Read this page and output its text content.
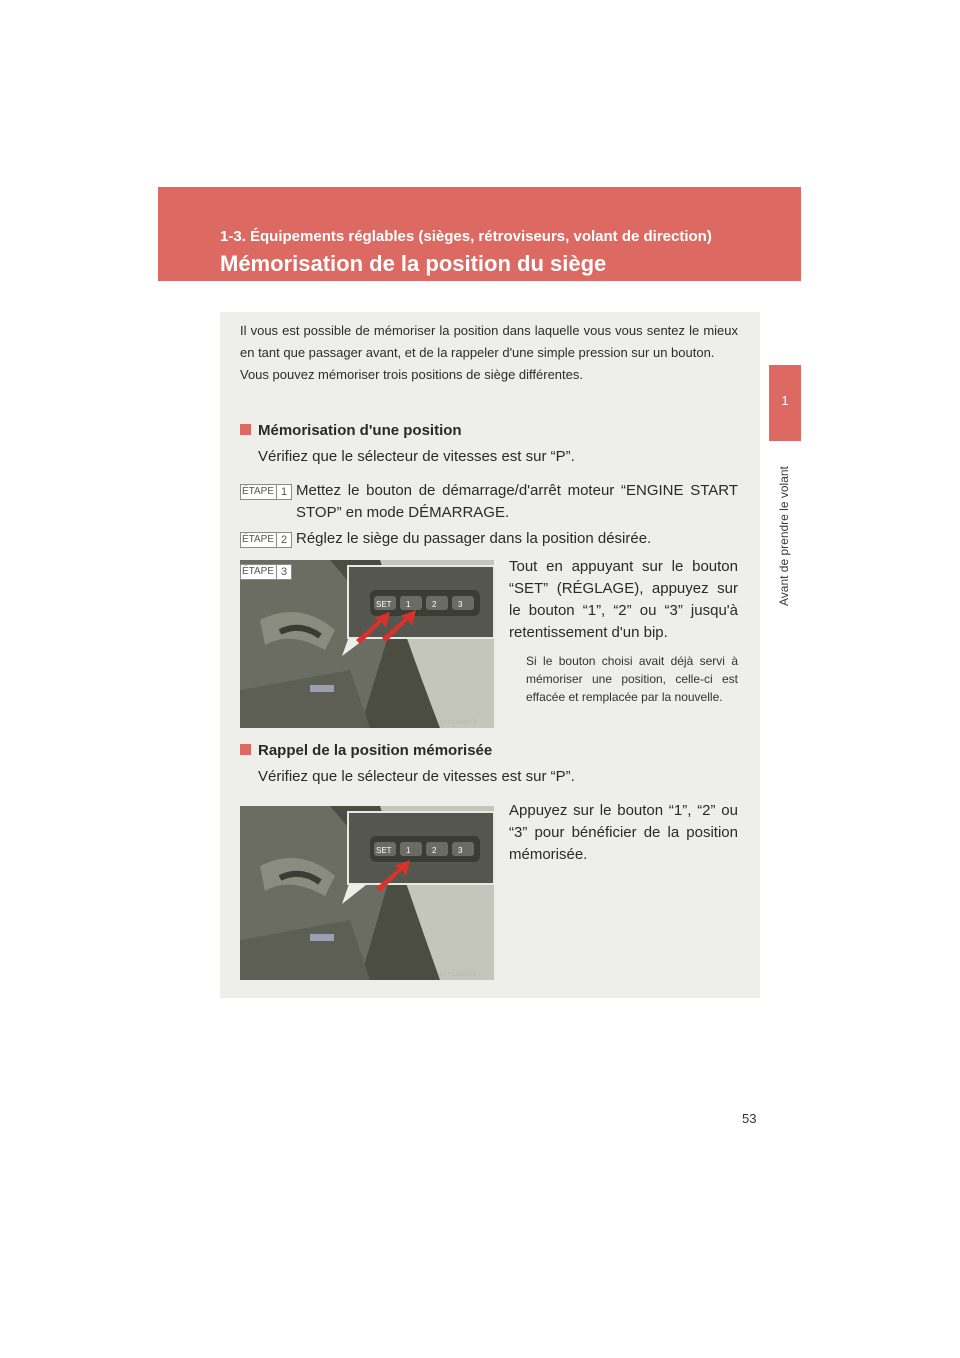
1-3. Équipements réglables (sièges, rétroviseurs, volant de direction)
Mémorisation de la position du siège
1
Avant de prendre le volant

Il vous est possible de mémoriser la position dans laquelle vous vous sentez le mieux en tant que passager avant, et de la rappeler d'une simple pression sur un bouton.

Vous pouvez mémoriser trois positions de siège différentes.

Mémorisation d'une position
Vérifiez que le sélecteur de vitesses est sur “P”.
ÉTAPE 1 Mettez le bouton de démarrage/d'arrêt moteur “ENGINE START STOP” en mode DÉMARRAGE.
ÉTAPE 2 Réglez le siège du passager dans la position désirée.
SET 1	2	3
CLY13AB073
ÉTAPE 3	Tout en appuyant sur le bouton “SET” (RÉGLAGE), appuyez sur le bouton “1”, “2” ou “3” jusqu'à retentissement d'un bip.
Si le bouton choisi avait déjà servi à mémoriser une position, celle-ci est effacée et remplacée par la nouvelle.
Rappel de la position mémorisée
Vérifiez que le sélecteur de vitesses est sur “P”.
SET 1	2	3
CLY13AB074
Appuyez sur le bouton “1”, “2” ou “3” pour bénéficier de la position mémorisée.
53
